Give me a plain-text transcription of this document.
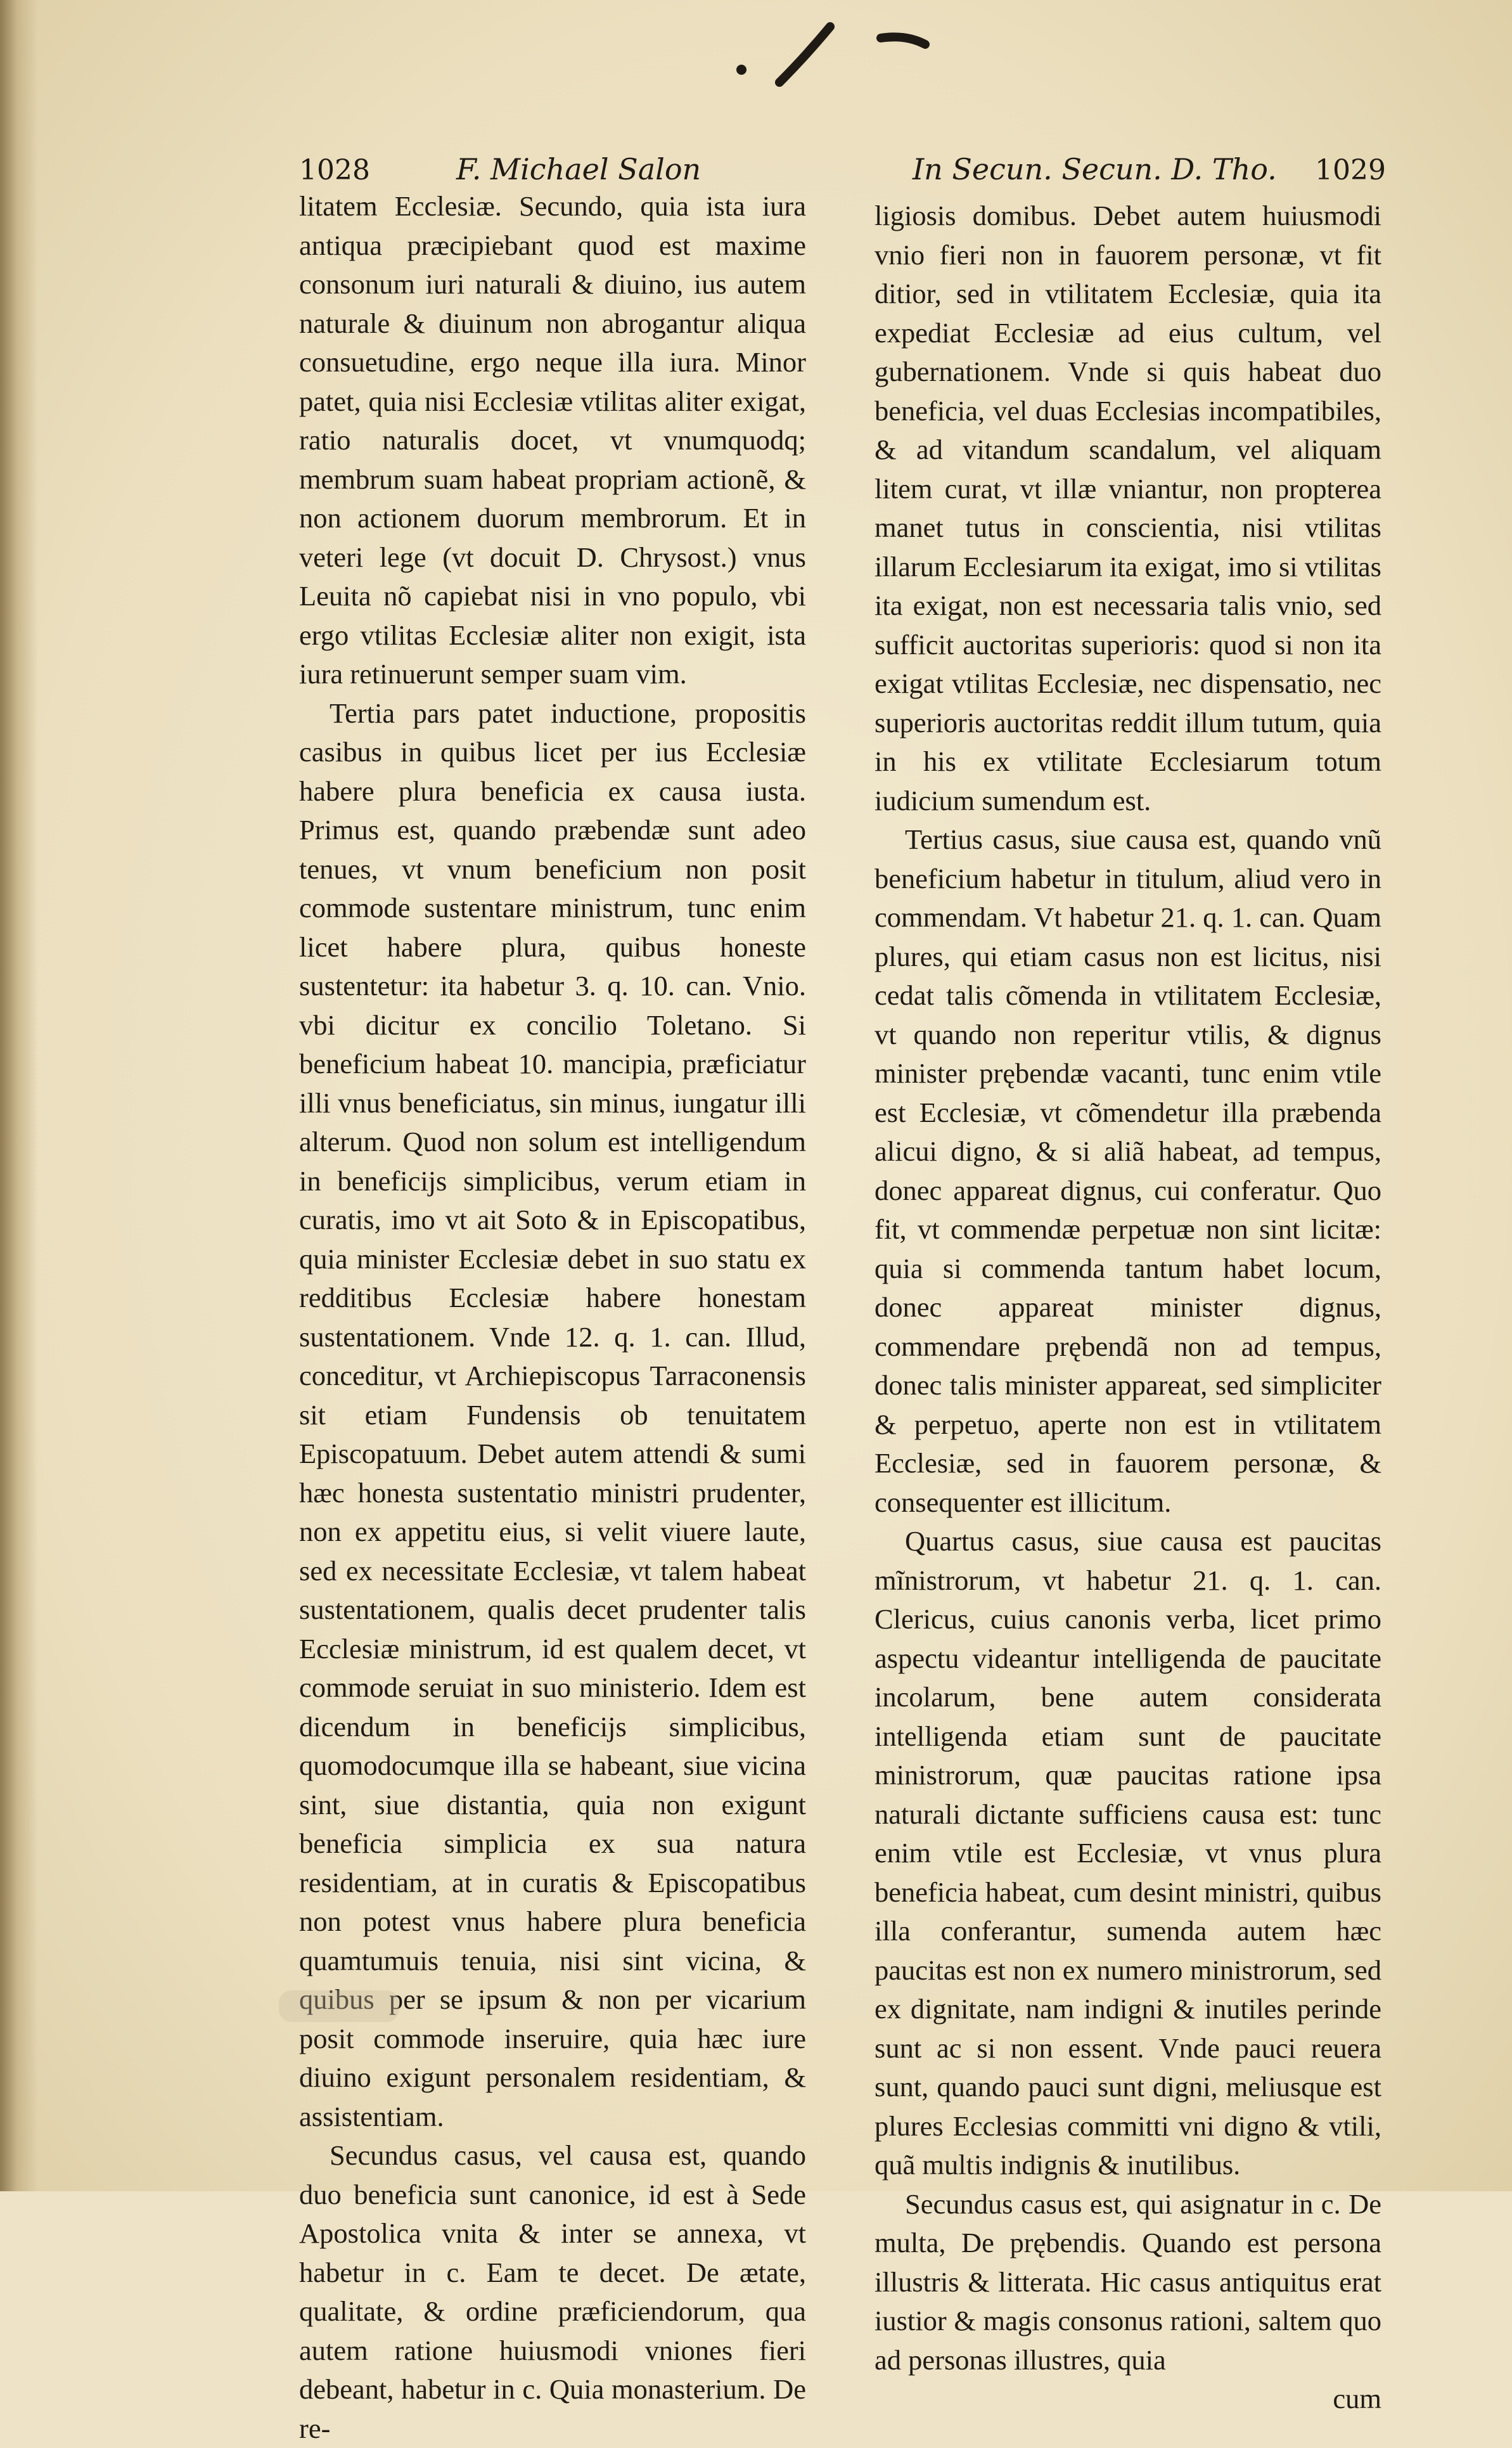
1028	F. Michael Salon	In Secun. Secun. D. Tho. 1029

litatem Ecclesiæ. Secundo, quia ista iura antiqua præcipiebant quod est maxime consonum iuri naturali & diuino, ius autem naturale & diuinum non abrogantur aliqua consuetudine, ergo neque illa iura. Minor patet, quia nisi Ecclesiæ vtilitas aliter exigat, ratio naturalis docet, vt vnumquodq; membrum suam habeat propriam actionẽ, & non actionem duorum membrorum. Et in veteri lege (vt docuit D. Chrysost.) vnus Leuita nõ capiebat nisi in vno populo, vbi ergo vtilitas Ecclesiæ aliter non exigit, ista iura retinuerunt semper suam vim.

Tertia pars patet inductione, propositis casibus in quibus licet per ius Ecclesiæ habere plura beneficia ex causa iusta. Primus est, quando præbendæ sunt adeo tenues, vt vnum beneficium non posit commode sustentare ministrum, tunc enim licet habere plura, quibus honeste sustentetur: ita habetur 3. q. 10. can. Vnio. vbi dicitur ex concilio Toletano. Si beneficium habeat 10. mancipia, præficiatur illi vnus beneficiatus, sin minus, iungatur illi alterum. Quod non solum est intelligendum in beneficijs simplicibus, verum etiam in curatis, imo vt ait Soto & in Episcopatibus, quia minister Ecclesiæ debet in suo statu ex redditibus Ecclesiæ habere honestam sustentationem. Vnde 12. q. 1. can. Illud, conceditur, vt Archiepiscopus Tarraconensis sit etiam Fundensis ob tenuitatem Episcopatuum. Debet autem attendi & sumi hæc honesta sustentatio ministri prudenter, non ex appetitu eius, si velit viuere laute, sed ex necessitate Ecclesiæ, vt talem habeat sustentationem, qualis decet prudenter talis Ecclesiæ ministrum, id est qualem decet, vt commode seruiat in suo ministerio. Idem est dicendum in beneficijs simplicibus, quomodocumque illa se habeant, siue vicina sint, siue distantia, quia non exigunt beneficia simplicia ex sua natura residentiam, at in curatis & Episcopatibus non potest vnus habere plura beneficia quamtumuis tenuia, nisi sint vicina, & quibus per se ipsum & non per vicarium posit commode inseruire, quia hæc iure diuino exigunt personalem residentiam, & assistentiam.

Secundus casus, vel causa est, quando duo beneficia sunt canonice, id est à Sede Apostolica vnita & inter se annexa, vt habetur in c. Eam te decet. De ætate, qualitate, & ordine præficiendorum, qua autem ratione huiusmodi vniones fieri debeant, habetur in c. Quia monasterium. De re-

ligiosis domibus. Debet autem huiusmodi vnio fieri non in fauorem personæ, vt fit ditior, sed in vtilitatem Ecclesiæ, quia ita expediat Ecclesiæ ad eius cultum, vel gubernationem. Vnde si quis habeat duo beneficia, vel duas Ecclesias incompatibiles, & ad vitandum scandalum, vel aliquam litem curat, vt illæ vniantur, non propterea manet tutus in conscientia, nisi vtilitas illarum Ecclesiarum ita exigat, imo si vtilitas ita exigat, non est necessaria talis vnio, sed sufficit auctoritas superioris: quod si non ita exigat vtilitas Ecclesiæ, nec dispensatio, nec superioris auctoritas reddit illum tutum, quia in his ex vtilitate Ecclesiarum totum iudicium sumendum est.

Tertius casus, siue causa est, quando vnũ beneficium habetur in titulum, aliud vero in commendam. Vt habetur 21. q. 1. can. Quam plures, qui etiam casus non est licitus, nisi cedat talis cõmenda in vtilitatem Ecclesiæ, vt quando non reperitur vtilis, & dignus minister prębendæ vacanti, tunc enim vtile est Ecclesiæ, vt cõmendetur illa præbenda alicui digno, & si aliã habeat, ad tempus, donec appareat dignus, cui conferatur. Quo fit, vt commendæ perpetuæ non sint licitæ: quia si commenda tantum habet locum, donec appareat minister dignus, commendare prębendã non ad tempus, donec talis minister appareat, sed simpliciter & perpetuo, aperte non est in vtilitatem Ecclesiæ, sed in fauorem personæ, & consequenter est illicitum.

Quartus casus, siue causa est paucitas mĩnistrorum, vt habetur 21. q. 1. can. Clericus, cuius canonis verba, licet primo aspectu videantur intelligenda de paucitate incolarum, bene autem considerata intelligenda etiam sunt de paucitate ministrorum, quæ paucitas ratione ipsa naturali dictante sufficiens causa est: tunc enim vtile est Ecclesiæ, vt vnus plura beneficia habeat, cum desint ministri, quibus illa conferantur, sumenda autem hæc paucitas est non ex numero ministrorum, sed ex dignitate, nam indigni & inutiles perinde sunt ac si non essent. Vnde pauci reuera sunt, quando pauci sunt digni, meliusque est plures Ecclesias committi vni digno & vtili, quã multis indignis & inutilibus.

Secundus casus est, qui asignatur in c. De multa, De prębendis. Quando est persona illustris & litterata. Hic casus antiquitus erat iustior & magis consonus rationi, saltem quo ad personas illustres, quia

cum
